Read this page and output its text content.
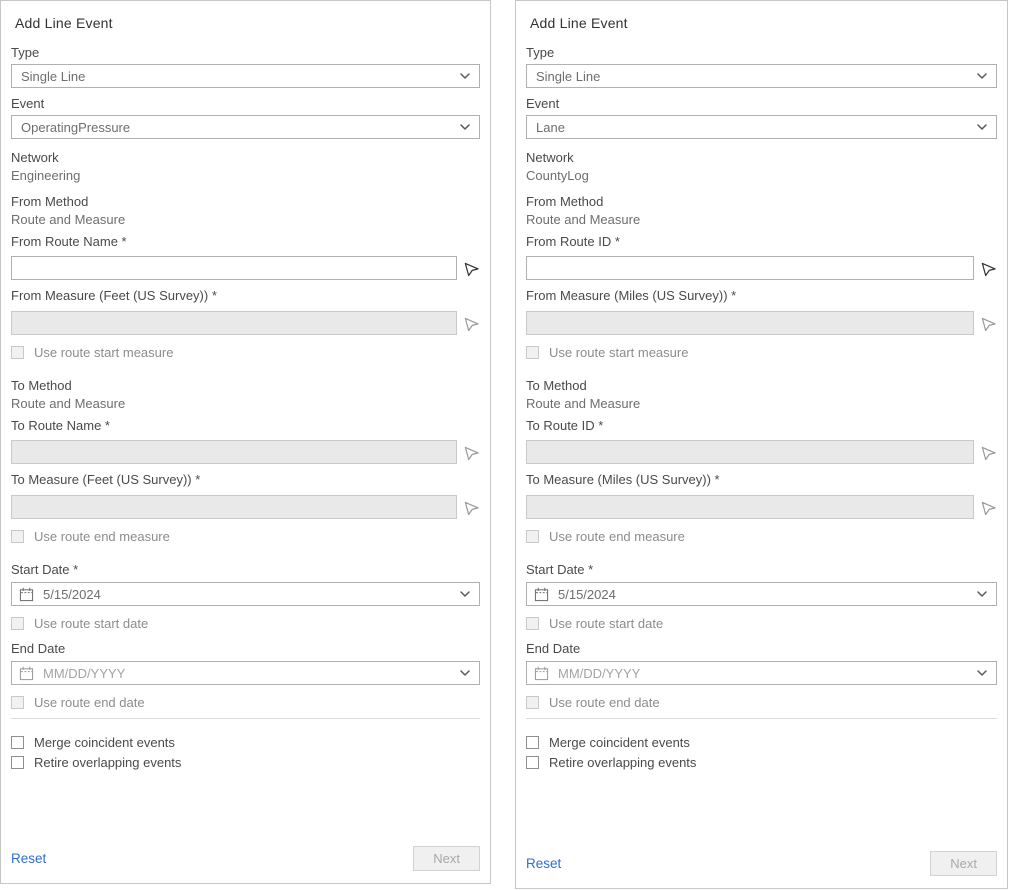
Add Line Event
Type
Single Line
Event
OperatingPressure
Network
Engineering
From Method
Route and Measure
From Route Name *
From Measure (Feet (US Survey)) *
Use route start measure
To Method
Route and Measure
To Route Name *
To Measure (Feet (US Survey)) *
Use route end measure
Start Date *
5/15/2024
Use route start date
End Date
MM/DD/YYYY
Use route end date
Merge coincident events
Retire overlapping events
Reset	Next
Add Line Event
Type
Single Line
Event
Lane
Network
CountyLog
From Method
Route and Measure
From Route ID *
From Measure (Miles (US Survey)) *
Use route start measure
To Method
Route and Measure
To Route ID *
To Measure (Miles (US Survey)) *
Use route end measure
Start Date *
5/15/2024
Use route start date
End Date
MM/DD/YYYY
Use route end date
Merge coincident events
Retire overlapping events
Reset	Next
